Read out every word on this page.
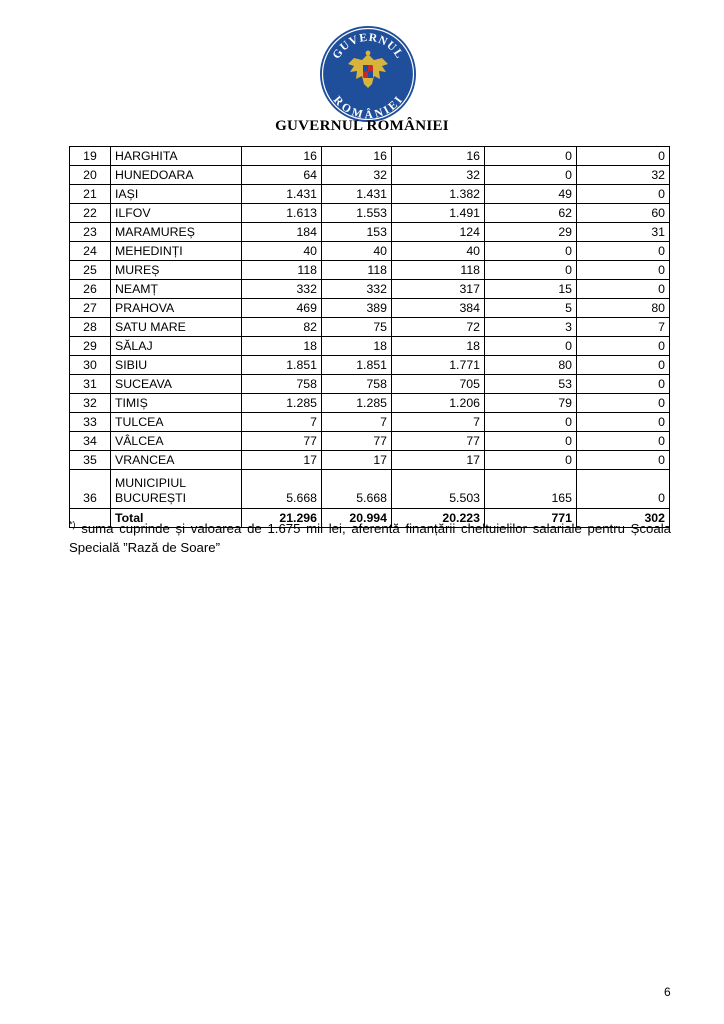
GUVERNUL
ROMÂNIEI
GUVERNUL ROMÂNIEI
19	HARGHITA	16	16	16	0	0
20	HUNEDOARA	64	32	32	0	32
21	IAȘI	1.431	1.431	1.382	49	0
22	ILFOV	1.613	1.553	1.491	62	60
23	MARAMUREȘ	184	153	124	29	31
24	MEHEDINȚI	40	40	40	0	0
25	MUREȘ	118	118	118	0	0
26	NEAMȚ	332	332	317	15	0
27	PRAHOVA	469	389	384	5	80
28	SATU MARE	82	75	72	3	7
29	SĂLAJ	18	18	18	0	0
30	SIBIU	1.851	1.851	1.771	80	0
31	SUCEAVA	758	758	705	53	0
32	TIMIȘ	1.285	1.285	1.206	79	0
33	TULCEA	7	7	7	0	0
34	VÂLCEA	77	77	77	0	0
35	VRANCEA	17	17	17	0	0
36	MUNICIPIUL BUCUREȘTI	5.668	5.668	5.503	165	0
	Total	21.296	20.994	20.223	771	302
*) suma cuprinde și valoarea de 1.675 mii lei, aferentă finanțării cheltuielilor salariale pentru Școala Specială ”Rază de Soare”
6
